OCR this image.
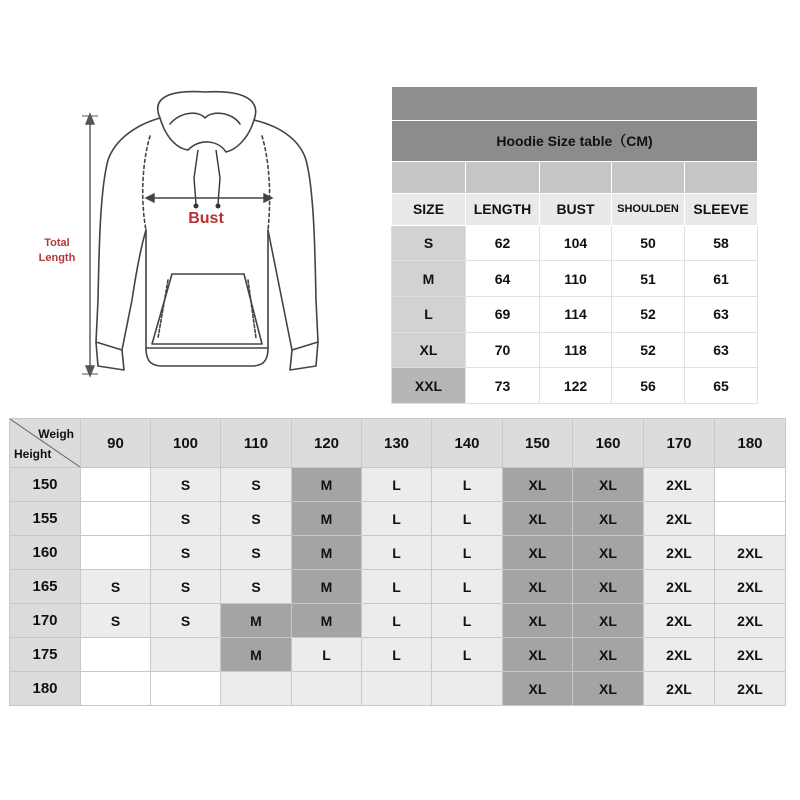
Total
Length
Bust

Hoodie Size table（CM)				

SIZE	LENGTH	BUST	SHOULDEN	SLEEVE
S	62	104	50	58
M	64	110	51	61
L	69	114	52	63
XL	70	118	52	63
XXL	73	122	56	65
Weigh
Height	90	100	110	120	130	140	150	160	170	180
150		S	S	M	L	L	XL	XL	2XL	
155		S	S	M	L	L	XL	XL	2XL	
160		S	S	M	L	L	XL	XL	2XL	2XL
165	S	S	S	M	L	L	XL	XL	2XL	2XL
170	S	S	M	M	L	L	XL	XL	2XL	2XL
175			M	L	L	L	XL	XL	2XL	2XL
180							XL	XL	2XL	2XL
